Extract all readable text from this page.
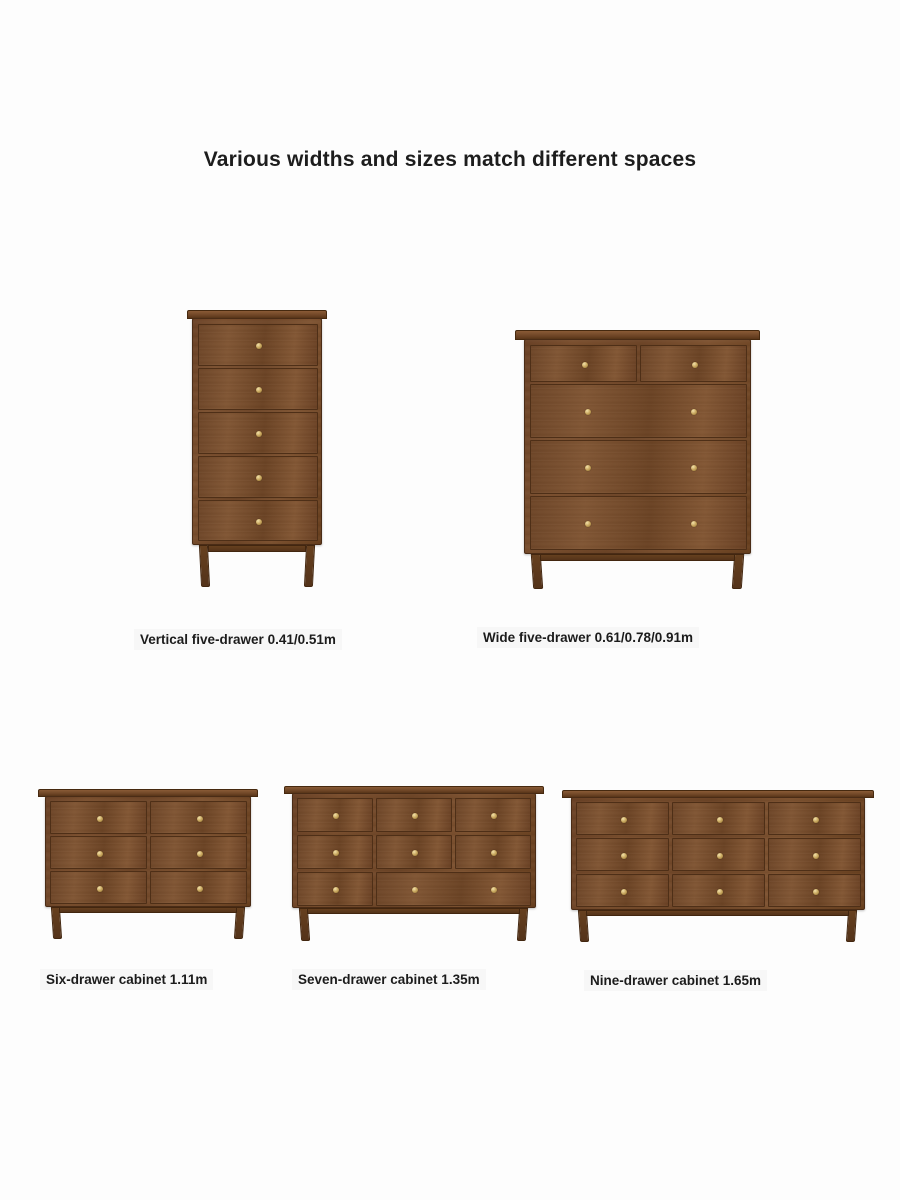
Various widths and sizes match different spaces
Vertical five-drawer 0.41/0.51m	Wide five-drawer 0.61/0.78/0.91m
Six-drawer cabinet 1.11m	Seven-drawer cabinet 1.35m	Nine-drawer cabinet 1.65m
